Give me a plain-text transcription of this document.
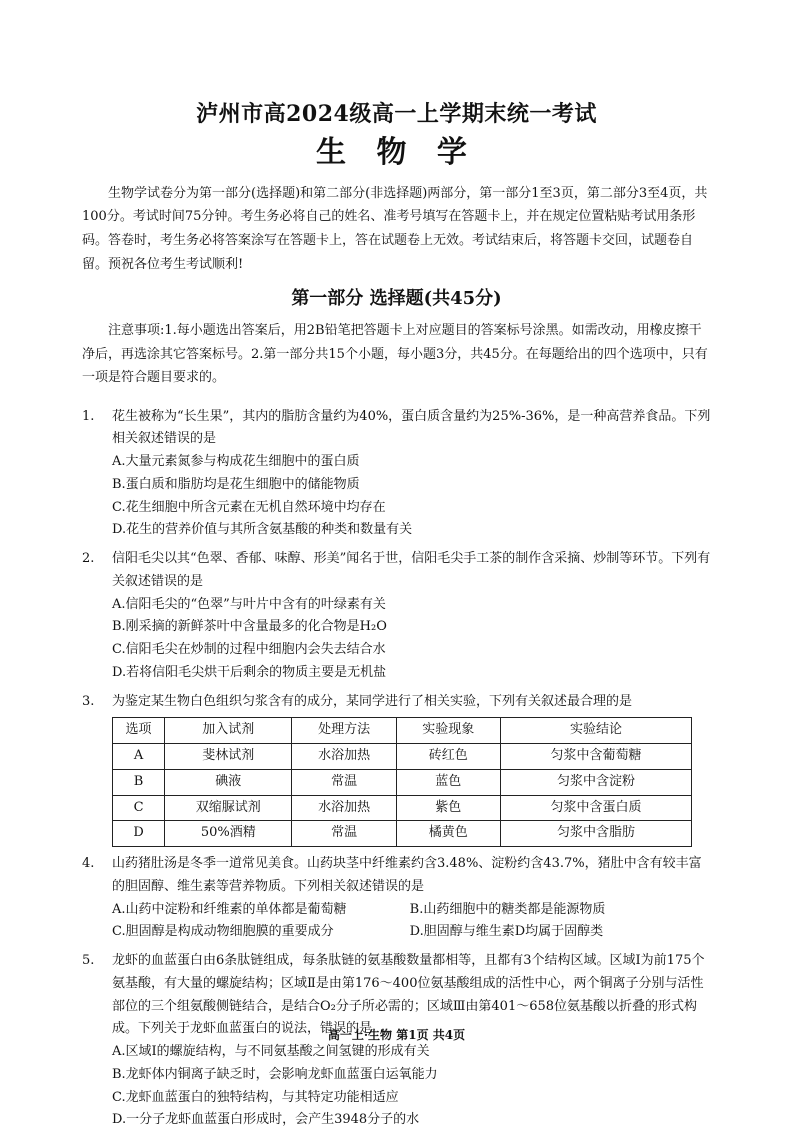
泸州市高2024级高一上学期末统一考试
生 物 学

生物学试卷分为第一部分(选择题)和第二部分(非选择题)两部分，第一部分1至3页，第二部分3至4页，共100分。考试时间75分钟。考生务必将自己的姓名、准考号填写在答题卡上，并在规定位置粘贴考试用条形码。答卷时，考生务必将答案涂写在答题卡上，答在试题卷上无效。考试结束后，将答题卡交回，试题卷自留。预祝各位考生考试顺利!

第一部分 选择题(共45分)

注意事项:1.每小题选出答案后，用2B铅笔把答题卡上对应题目的答案标号涂黑。如需改动，用橡皮擦干净后，再选涂其它答案标号。2.第一部分共15个小题，每小题3分，共45分。在每题给出的四个选项中，只有一项是符合题目要求的。

1.	花生被称为“长生果”，其内的脂肪含量约为40%，蛋白质含量约为25%-36%，是一种高营养食品。下列相关叙述错误的是

A.大量元素氮参与构成花生细胞中的蛋白质
B.蛋白质和脂肪均是花生细胞中的储能物质
C.花生细胞中所含元素在无机自然环境中均存在
D.花生的营养价值与其所含氨基酸的种类和数量有关
2.	信阳毛尖以其“色翠、香郁、味醇、形美”闻名于世，信阳毛尖手工茶的制作含采摘、炒制等环节。下列有关叙述错误的是

A.信阳毛尖的“色翠”与叶片中含有的叶绿素有关
B.刚采摘的新鲜茶叶中含量最多的化合物是H₂O
C.信阳毛尖在炒制的过程中细胞内会失去结合水
D.若将信阳毛尖烘干后剩余的物质主要是无机盐
3.	为鉴定某生物白色组织匀浆含有的成分，某同学进行了相关实验，下列有关叙述最合理的是

选项	加入试剂	处理方法	实验现象	实验结论
A	斐林试剂	水浴加热	砖红色	匀浆中含葡萄糖
B	碘液	常温	蓝色	匀浆中含淀粉
C	双缩脲试剂	水浴加热	紫色	匀浆中含蛋白质
D	50%酒精	常温	橘黄色	匀浆中含脂肪
4.	山药猪肚汤是冬季一道常见美食。山药块茎中纤维素约含3.48%、淀粉约含43.7%，猪肚中含有较丰富的胆固醇、维生素等营养物质。下列相关叙述错误的是

A.山药中淀粉和纤维素的单体都是葡萄糖	B.山药细胞中的糖类都是能源物质 C.胆固醇是构成动物细胞膜的重要成分	D.胆固醇与维生素D均属于固醇类
5.	龙虾的血蓝蛋白由6条肽链组成，每条肽链的氨基酸数量都相等，且都有3个结构区域。区域Ⅰ为前175个氨基酸，有大量的螺旋结构；区域Ⅱ是由第176～400位氨基酸组成的活性中心，两个铜离子分别与活性部位的三个组氨酸侧链结合，是结合O₂分子所必需的；区域Ⅲ由第401～658位氨基酸以折叠的形式构成。下列关于龙虾血蓝蛋白的说法，错误的是

A.区域Ⅰ的螺旋结构，与不同氨基酸之间氢键的形成有关
B.龙虾体内铜离子缺乏时，会影响龙虾血蓝蛋白运氧能力
C.龙虾血蓝蛋白的独特结构，与其特定功能相适应
D.一分子龙虾血蓝蛋白形成时，会产生3948分子的水
高一上·生物 第1页 共4页
